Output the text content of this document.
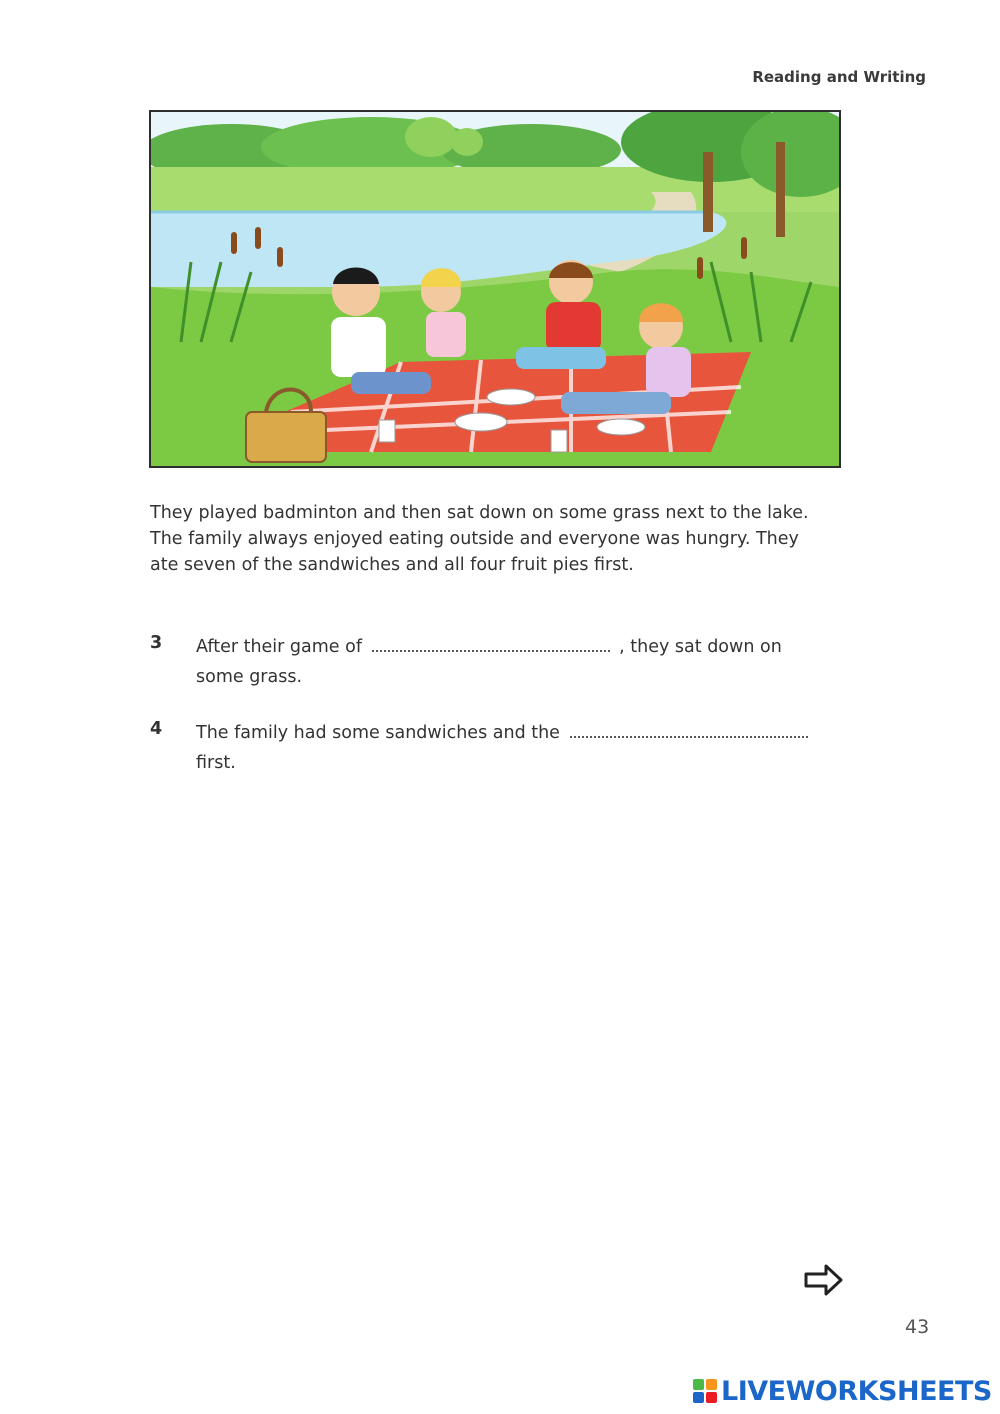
Reading and Writing

They played badminton and then sat down on some grass next to the lake.

The family always enjoyed eating outside and everyone was hungry. They

ate seven of the sandwiches and all four fruit pies first.

3 After their game of	, they sat down on
some grass.
4 The family had some sandwiches and the
first.
43
LIVEWORKSHEETS
